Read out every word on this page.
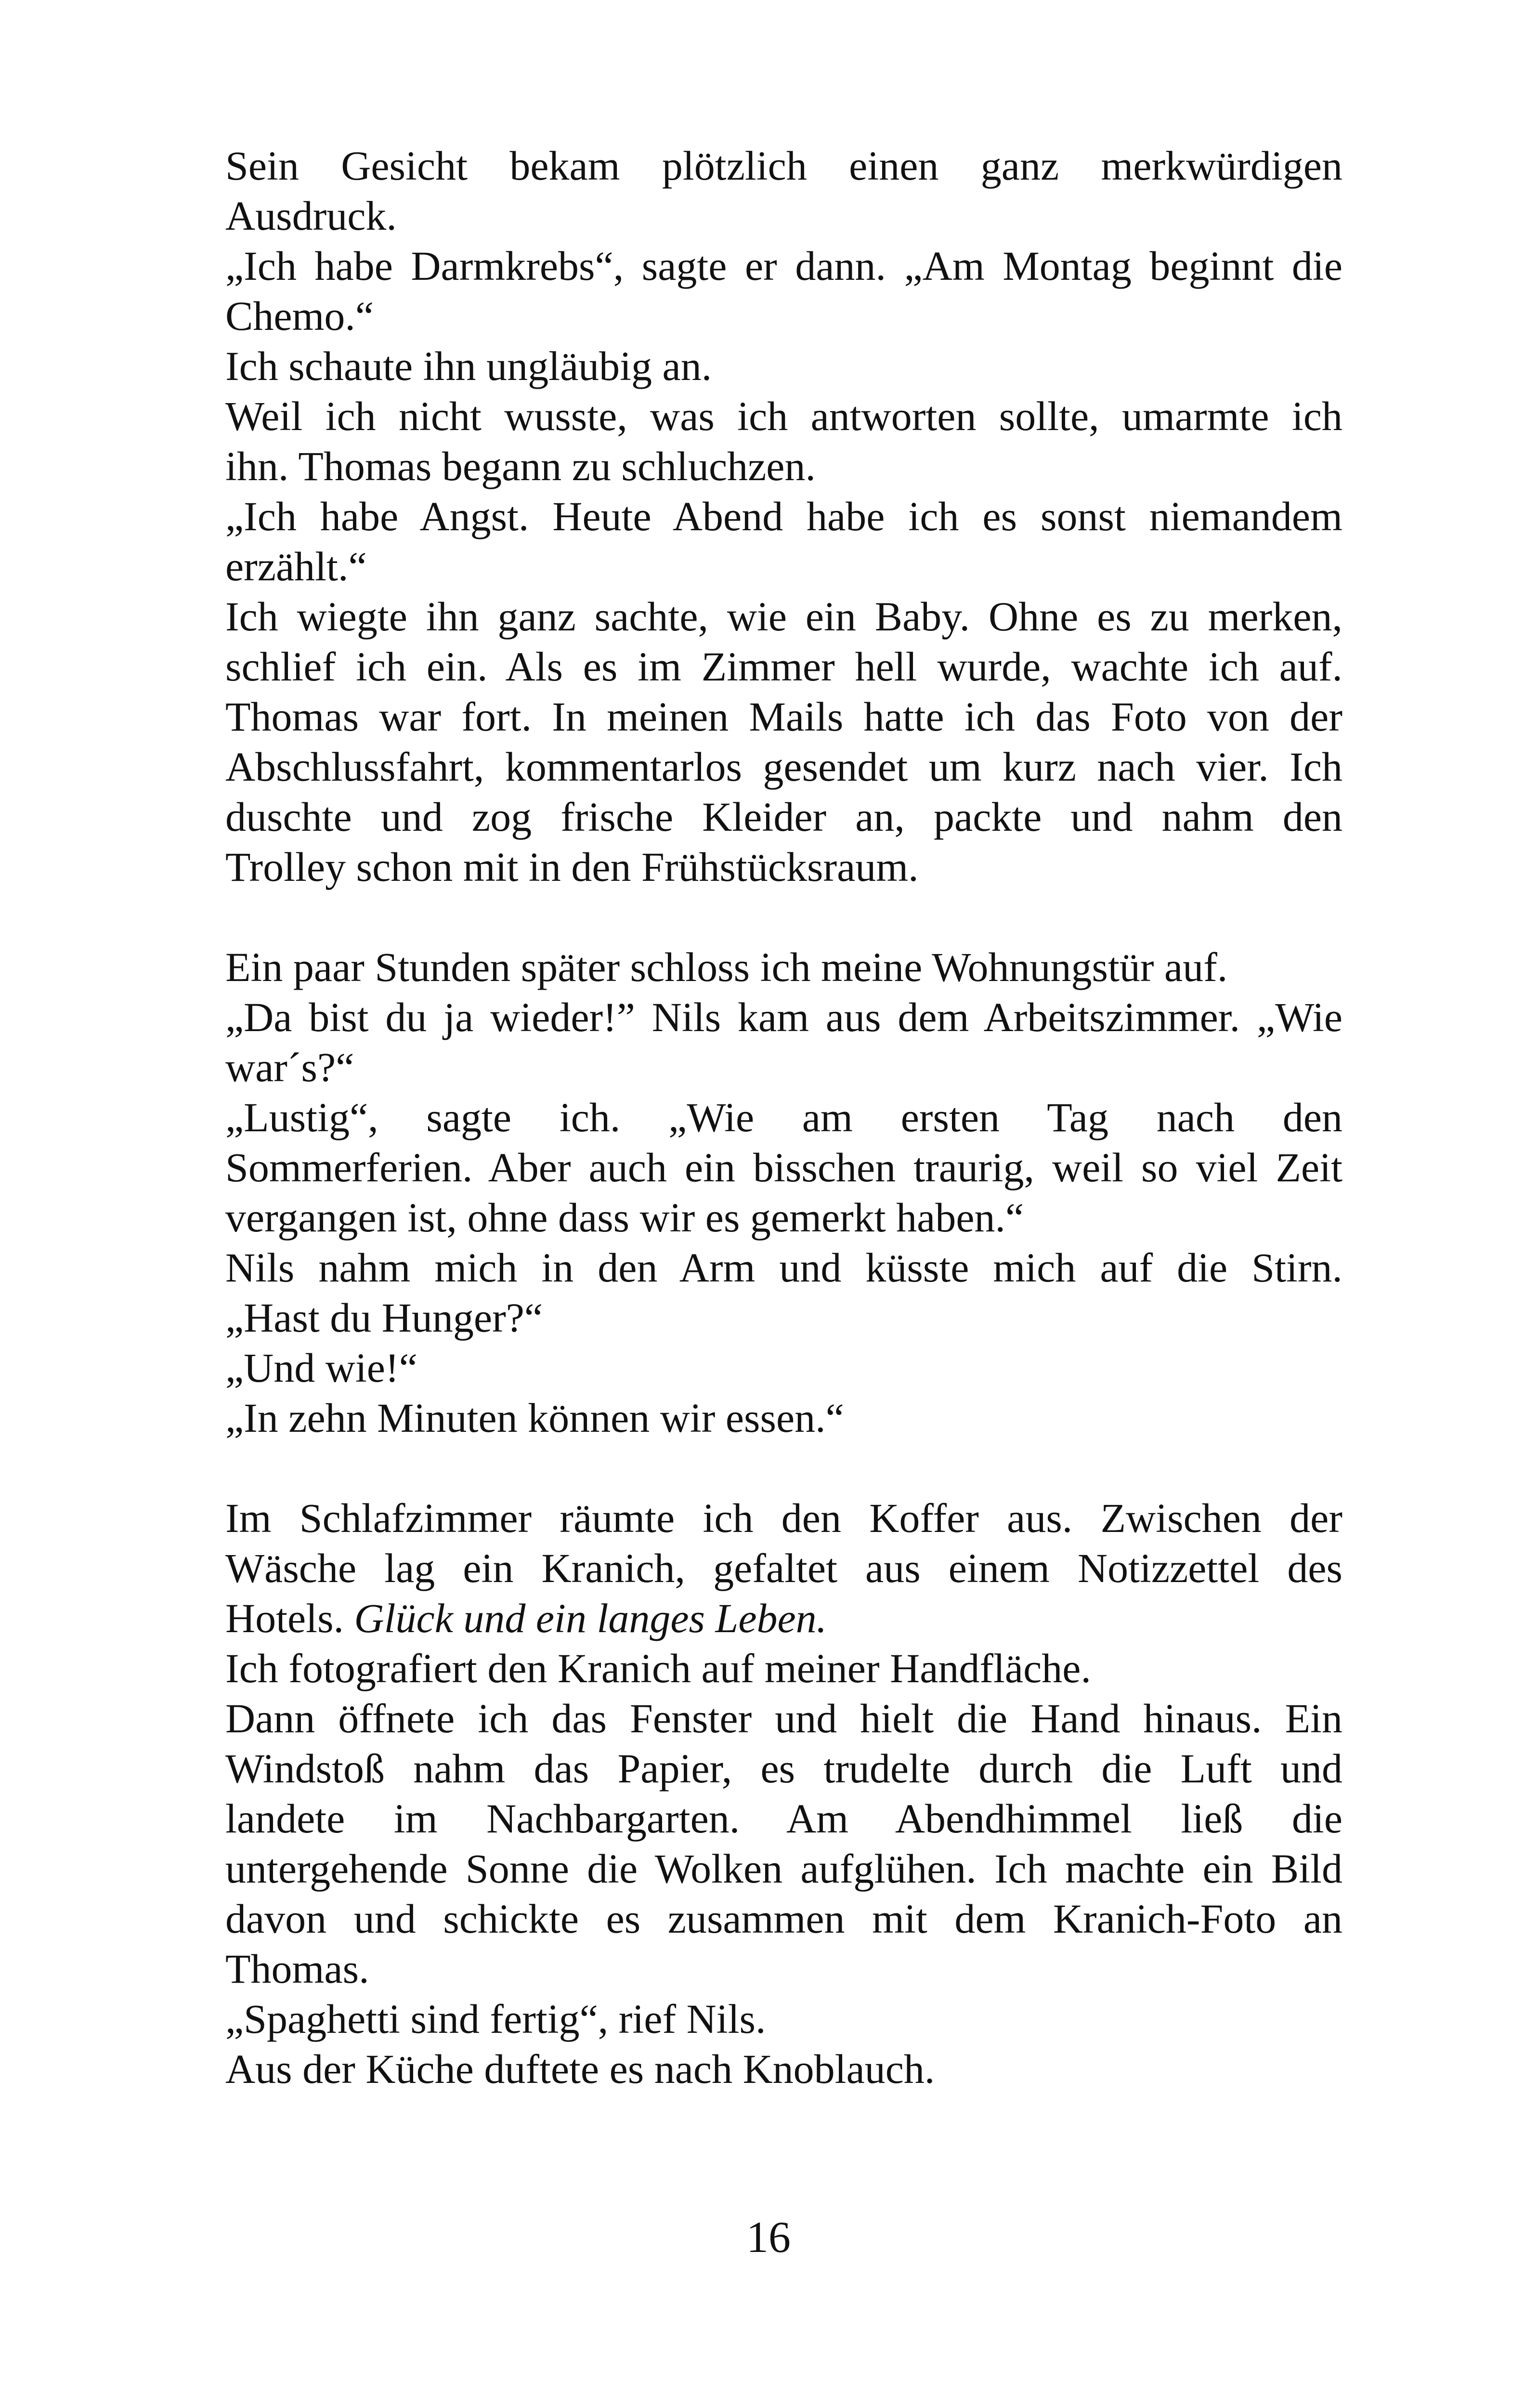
Sein Gesicht bekam plötzlich einen ganz merkwürdigen
Ausdruck.
„Ich habe Darmkrebs“, sagte er dann. „Am Montag beginnt die
Chemo.“
Ich schaute ihn ungläubig an.
Weil ich nicht wusste, was ich antworten sollte, umarmte ich
ihn. Thomas begann zu schluchzen.
„Ich habe Angst. Heute Abend habe ich es sonst niemandem
erzählt.“
Ich wiegte ihn ganz sachte, wie ein Baby. Ohne es zu merken,
schlief ich ein. Als es im Zimmer hell wurde, wachte ich auf.
Thomas war fort. In meinen Mails hatte ich das Foto von der
Abschlussfahrt, kommentarlos gesendet um kurz nach vier. Ich
duschte und zog frische Kleider an, packte und nahm den
Trolley schon mit in den Frühstücksraum.
Ein paar Stunden später schloss ich meine Wohnungstür auf.
„Da bist du ja wieder!” Nils kam aus dem Arbeitszimmer. „Wie
war´s?“
„Lustig“, sagte ich. „Wie am ersten Tag nach den
Sommerferien. Aber auch ein bisschen traurig, weil so viel Zeit
vergangen ist, ohne dass wir es gemerkt haben.“
Nils nahm mich in den Arm und küsste mich auf die Stirn.
„Hast du Hunger?“
„Und wie!“
„In zehn Minuten können wir essen.“
Im Schlafzimmer räumte ich den Koffer aus. Zwischen der
Wäsche lag ein Kranich, gefaltet aus einem Notizzettel des
Hotels. Glück und ein langes Leben.
Ich fotografiert den Kranich auf meiner Handfläche.
Dann öffnete ich das Fenster und hielt die Hand hinaus. Ein
Windstoß nahm das Papier, es trudelte durch die Luft und
landete im Nachbargarten. Am Abendhimmel ließ die
untergehende Sonne die Wolken aufglühen. Ich machte ein Bild
davon und schickte es zusammen mit dem Kranich-Foto an
Thomas.
„Spaghetti sind fertig“, rief Nils.
Aus der Küche duftete es nach Knoblauch.
16
